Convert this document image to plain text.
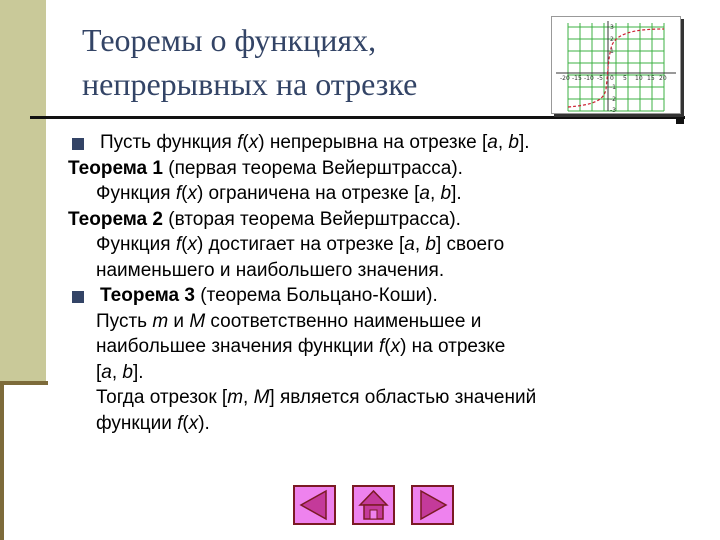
Теоремы о функциях,
непрерывных на отрезке	-20 -15 -10 -5 0 5 10 15 20
3
2
1
-1
-2
-3

Пусть функция f(x) непрерывна на отрезке [a, b].

Теорема 1 (первая теорема Вейерштрасса).

Функция f(x) ограничена на отрезке [a, b].

Теорема 2 (вторая теорема Вейерштрасса).

Функция f(x) достигает на отрезке [a, b] своего

наименьшего и наибольшего значения.

Теорема 3 (теорема Больцано-Коши).

Пусть m и M соответственно наименьшее и

наибольшее значения функции f(x) на отрезке

[a, b].

Тогда отрезок [m, M] является областью значений

функции f(x).
